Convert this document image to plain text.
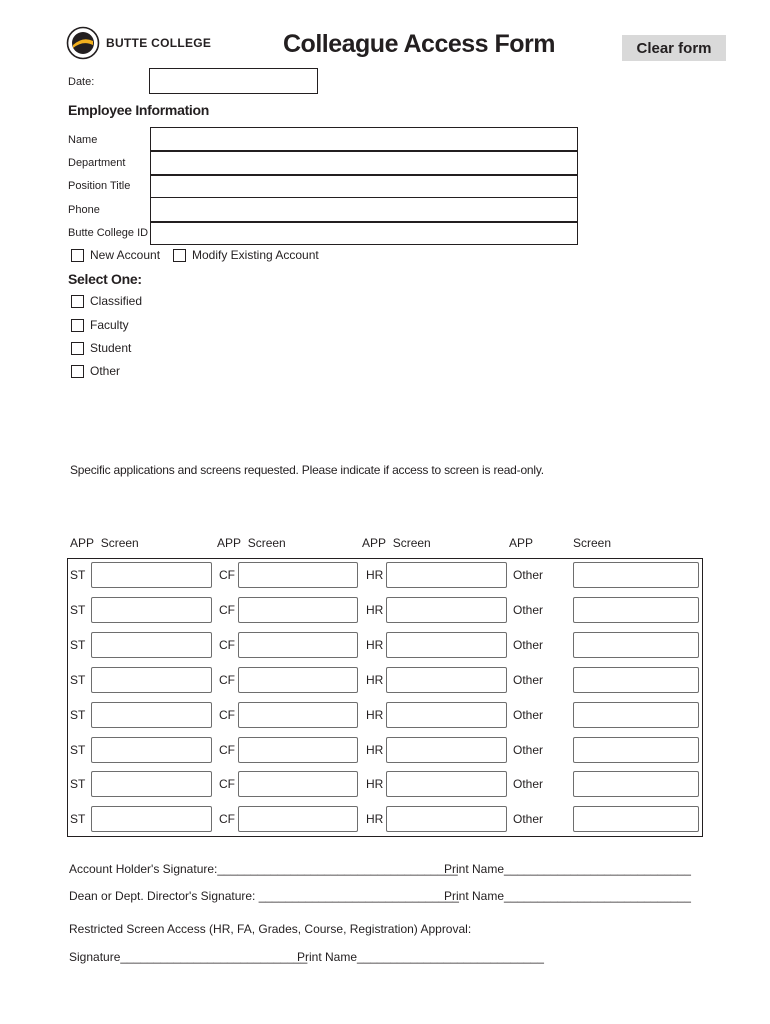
BUTTE COLLEGE	Colleague Access Form	Clear form
Date:
Employee Information
Name
Department
Position Title
Phone
Butte College ID
New Account	Modify Existing Account
Select One:
Classified
Faculty
Student
Other
Specific applications and screens requested. Please indicate if access to screen is read-only.
APP Screen	APP Screen	APP Screen	APP	Screen
ST	CF	HR	Other
ST	CF	HR	Other
ST	CF	HR	Other
ST	CF	HR	Other
ST	CF	HR	Other
ST	CF	HR	Other
ST	CF	HR	Other
ST	CF	HR	Other
Account Holder's Signature:____________________________________
Print Name____________________________
Dean or Dept. Director's Signature: ______________________________
Print Name____________________________
Restricted Screen Access (HR, FA, Grades, Course, Registration) Approval:
Signature____________________________
Print Name____________________________
